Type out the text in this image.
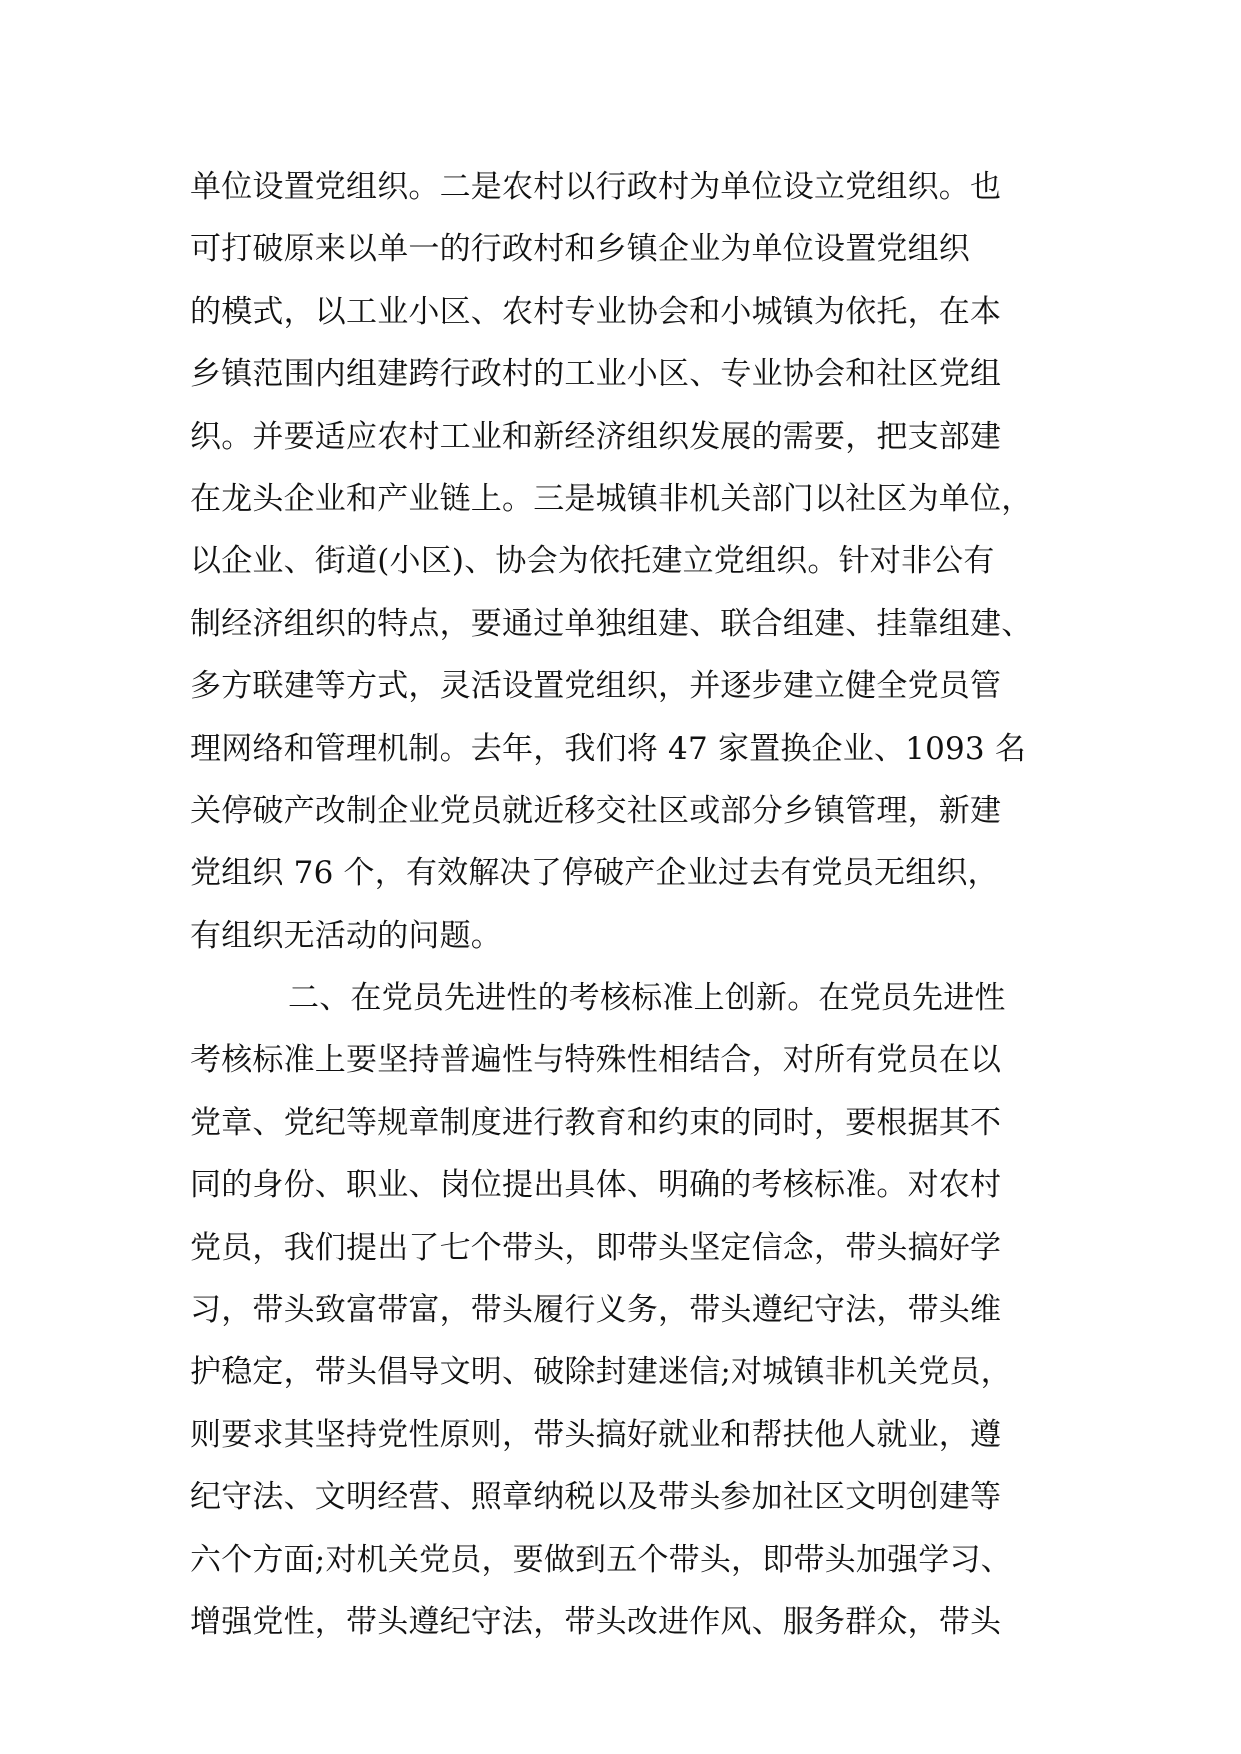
单位设置党组织。二是农村以行政村为单位设立党组织。也
可打破原来以单一的行政村和乡镇企业为单位设置党组织
的模式，以工业小区、农村专业协会和小城镇为依托，在本
乡镇范围内组建跨行政村的工业小区、专业协会和社区党组
织。并要适应农村工业和新经济组织发展的需要，把支部建
在龙头企业和产业链上。三是城镇非机关部门以社区为单位，
以企业、街道(小区)、协会为依托建立党组织。针对非公有
制经济组织的特点，要通过单独组建、联合组建、挂靠组建、
多方联建等方式，灵活设置党组织，并逐步建立健全党员管
理网络和管理机制。去年，我们将 47 家置换企业、1093 名
关停破产改制企业党员就近移交社区或部分乡镇管理，新建
党组织 76 个，有效解决了停破产企业过去有党员无组织，
有组织无活动的问题。
二、在党员先进性的考核标准上创新。在党员先进性
考核标准上要坚持普遍性与特殊性相结合，对所有党员在以
党章、党纪等规章制度进行教育和约束的同时，要根据其不
同的身份、职业、岗位提出具体、明确的考核标准。对农村
党员，我们提出了七个带头，即带头坚定信念，带头搞好学
习，带头致富带富，带头履行义务，带头遵纪守法，带头维
护稳定，带头倡导文明、破除封建迷信;对城镇非机关党员，
则要求其坚持党性原则，带头搞好就业和帮扶他人就业，遵
纪守法、文明经营、照章纳税以及带头参加社区文明创建等
六个方面;对机关党员，要做到五个带头，即带头加强学习、
增强党性，带头遵纪守法，带头改进作风、服务群众，带头
